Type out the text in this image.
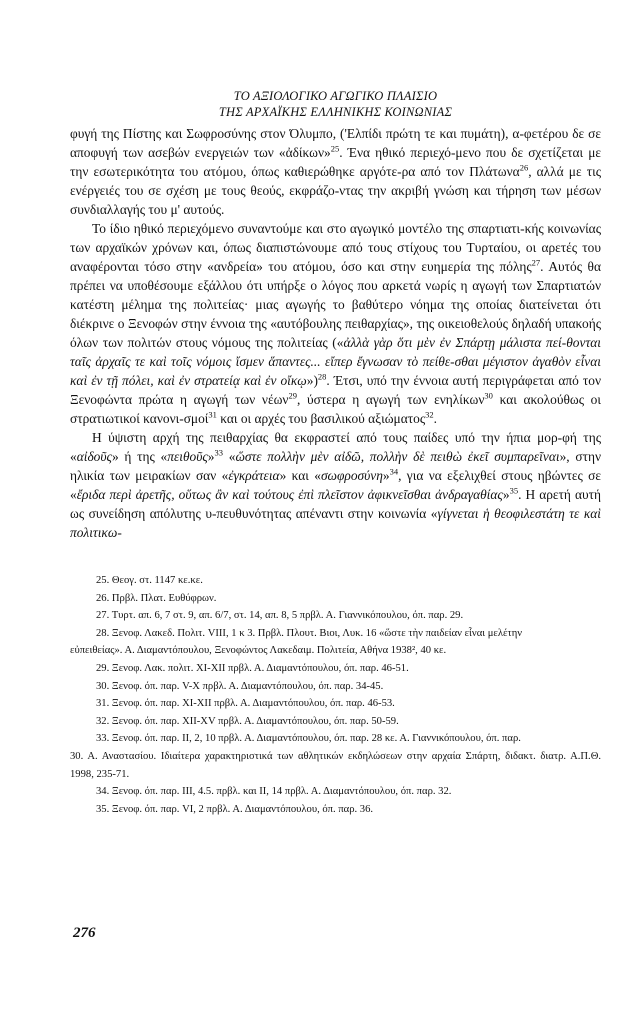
ΤΟ ΑΞΙΟΛΟΓΙΚΟ ΑΓΩΓΙΚΟ ΠΛΑΙΣΙΟ
ΤΗΣ ΑΡΧΑΪΚΗΣ ΕΛΛΗΝΙΚΗΣ ΚΟΙΝΩΝΙΑΣ

φυγή της Πίστης και Σωφροσύνης στον Όλυμπο, ('Ελπίδι πρώτη τε και πυμάτη), α-φετέρου δε σε αποφυγή των ασεβών ενεργειών των «ἀδίκων»$^{25}$. Ένα ηθικό περιεχό-μενο που δε σχετίζεται με την εσωτερικότητα του ατόμου, όπως καθιερώθηκε αργότε-ρα από τον Πλάτωνα$^{26}$, αλλά με τις ενέργειές του σε σχέση με τους θεούς, εκφράζο-ντας την ακριβή γνώση και τήρηση των μέσων συνδιαλλαγής του μ' αυτούς.

Το ίδιο ηθικό περιεχόμενο συναντούμε και στο αγωγικό μοντέλο της σπαρτιατι-κής κοινωνίας των αρχαϊκών χρόνων και, όπως διαπιστώνουμε από τους στίχους του Τυρταίου, οι αρετές του αναφέρονται τόσο στην «ανδρεία» του ατόμου, όσο και στην ευημερία της πόλης$^{27}$. Αυτός θα πρέπει να υποθέσουμε εξάλλου ότι υπήρξε ο λόγος που αρκετά νωρίς η αγωγή των Σπαρτιατών κατέστη μέλημα της πολιτείας· μιας αγωγής το βαθύτερο νόημα της οποίας διατείνεται ότι διέκρινε ο Ξενοφών στην έννοια της «αυτόβουλης πειθαρχίας», της οικειοθελούς δηλαδή υπακοής όλων των πολιτών στους νόμους της πολιτείας («ἀλλὰ γὰρ ὅτι μὲν ἐν Σπάρτῃ μάλιστα πεί-θονται ταῖς ἀρχαῖς τε καὶ τοῖς νόμοις ἴσμεν ἅπαντες... εἴπερ ἔγνωσαν τὸ πείθε-σθαι μέγιστον ἀγαθὸν εἶναι καὶ ἐν τῇ πόλει, καὶ ἐν στρατείᾳ καὶ ἐν οἴκῳ»)$^{28}$. Έτσι, υπό την έννοια αυτή περιγράφεται από τον Ξενοφώντα πρώτα η αγωγή των νέων$^{29}$, ύστερα η αγωγή των ενηλίκων$^{30}$ και ακολούθως οι στρατιωτικοί κανονι-σμοί$^{31}$ και οι αρχές του βασιλικού αξιώματος$^{32}$.

Η ύψιστη αρχή της πειθαρχίας θα εκφραστεί από τους παίδες υπό την ήπια μορ-φή της «αἰδοῦς» ή της «πειθοῦς»$^{33}$ «ὥστε πολλὴν μὲν αἰδῶ, πολλὴν δὲ πειθὼ ἐκεῖ συμπαρεῖναι», στην ηλικία των μειρακίων σαν «ἐγκράτεια» και «σωφροσύνη»$^{34}$, για να εξελιχθεί στους ηβώντες σε «ἔριδα περὶ ἀρετῆς, οὕτως ἂν καὶ τούτους ἐπὶ πλεῖστον ἀφικνεῖσθαι ἀνδραγαθίας»$^{35}$. Η αρετή αυτή ως συνείδηση απόλυτης υ-πευθυνότητας απέναντι στην κοινωνία «γίγνεται ἡ θεοφιλεστάτη τε καὶ πολιτικω-

25. Θεογ. στ. 1147 κε.κε.
26. Πρβλ. Πλατ. Ευθύφρων.
27. Τυρτ. απ. 6, 7 στ. 9, απ. 6/7, στ. 14, απ. 8, 5 πρβλ. Α. Γιαννικόπουλου, όπ. παρ. 29.
28. Ξενοφ. Λακεδ. Πολιτ. VIII, 1 κ 3. Πρβλ. Πλουτ. Βιοι, Λυκ. 16 «ὥστε τὴν παιδείαν εἶναι μελέτην
εὐπειθείας». Α. Διαμαντόπουλου, Ξενοφώντος Λακεδαιμ. Πολιτεία, Αθήνα 1938², 40 κε.
29. Ξενοφ. Λακ. πολιτ. XI-XII πρβλ. Α. Διαμαντόπουλου, όπ. παρ. 46-51.
30. Ξενοφ. όπ. παρ. V-X πρβλ. Α. Διαμαντόπουλου, όπ. παρ. 34-45.
31. Ξενοφ. όπ. παρ. XI-XII πρβλ. Α. Διαμαντόπουλου, όπ. παρ. 46-53.
32. Ξενοφ. όπ. παρ. XII-XV πρβλ. Α. Διαμαντόπουλου, όπ. παρ. 50-59.
33. Ξενοφ. όπ. παρ. II, 2, 10 πρβλ. Α. Διαμαντόπουλου, όπ. παρ. 28 κε. Α. Γιαννικόπουλου, όπ. παρ.
30. Α. Αναστασίου. Ιδιαίτερα χαρακτηριστικά των αθλητικών εκδηλώσεων στην αρχαία Σπάρτη, διδακτ. διατρ. Α.Π.Θ. 1998, 235-71.
34. Ξενοφ. όπ. παρ. III, 4.5. πρβλ. και II, 14 πρβλ. Α. Διαμαντόπουλου, όπ. παρ. 32.
35. Ξενοφ. όπ. παρ. VI, 2 πρβλ. Α. Διαμαντόπουλου, όπ. παρ. 36.
276
